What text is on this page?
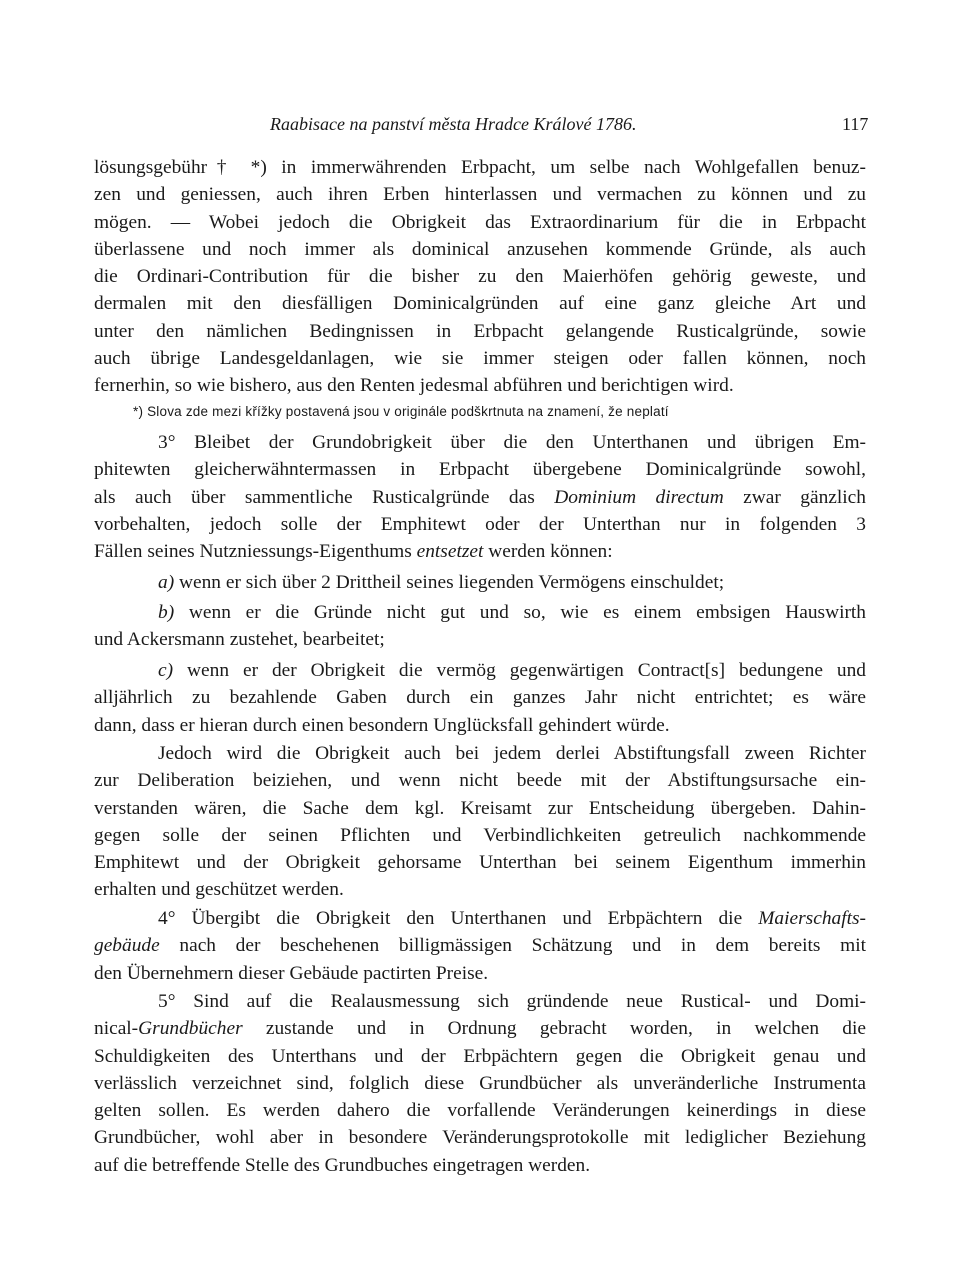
Raabisace na panství města Hradce Králové 1786.	117
lösungsgebühr† *) in immerwährenden Erbpacht, um selbe nach Wohlgefallen benuz-
zen und geniessen, auch ihren Erben hinterlassen und vermachen zu können und zu
mögen. — Wobei jedoch die Obrigkeit das Extraordinarium für die in Erbpacht
überlassene und noch immer als dominical anzusehen kommende Gründe, als auch
die Ordinari-Contribution für die bisher zu den Maierhöfen gehörig geweste, und
dermalen mit den diesfälligen Dominicalgründen auf eine ganz gleiche Art und
unter den nämlichen Bedingnissen in Erbpacht gelangende Rusticalgründe, sowie
auch übrige Landesgeldanlagen, wie sie immer steigen oder fallen können, noch
fernerhin, so wie bishero, aus den Renten jedesmal abführen und berichtigen wird.
*) Slova zde mezi křížky postavená jsou v originále podškrtnuta na znamení, že neplatí
3° Bleibet der Grundobrigkeit über die den Unterthanen und übrigen Em-
phitewten gleicherwähntermassen in Erbpacht übergebene Dominicalgründe sowohl,
als auch über sammentliche Rusticalgründe das Dominium directum zwar gänzlich
vorbehalten, jedoch solle der Emphitewt oder der Unterthan nur in folgenden 3
Fällen seines Nutzniessungs-Eigenthums entsetzet werden können:
a) wenn er sich über 2 Drittheil seines liegenden Vermögens einschuldet;
b) wenn er die Gründe nicht gut und so, wie es einem embsigen Hauswirth
und Ackersmann zustehet, bearbeitet;
c) wenn er der Obrigkeit die vermög gegenwärtigen Contract[s] bedungene und
alljährlich zu bezahlende Gaben durch ein ganzes Jahr nicht entrichtet; es wäre
dann, dass er hieran durch einen besondern Unglücksfall gehindert würde.
Jedoch wird die Obrigkeit auch bei jedem derlei Abstiftungsfall zween Richter
zur Deliberation beiziehen, und wenn nicht beede mit der Abstiftungsursache ein-
verstanden wären, die Sache dem kgl. Kreisamt zur Entscheidung übergeben. Dahin-
gegen solle der seinen Pflichten und Verbindlichkeiten getreulich nachkommende
Emphitewt und der Obrigkeit gehorsame Unterthan bei seinem Eigenthum immerhin
erhalten und geschützet werden.
4° Übergibt die Obrigkeit den Unterthanen und Erbpächtern die Maierschafts-
gebäude nach der beschehenen billigmässigen Schätzung und in dem bereits mit
den Übernehmern dieser Gebäude pactirten Preise.
5° Sind auf die Realausmessung sich gründende neue Rustical- und Domi-
nical-Grundbücher zustande und in Ordnung gebracht worden, in welchen die
Schuldigkeiten des Unterthans und der Erbpächtern gegen die Obrigkeit genau und
verlässlich verzeichnet sind, folglich diese Grundbücher als unveränderliche Instrumenta
gelten sollen. Es werden dahero die vorfallende Veränderungen keinerdings in diese
Grundbücher, wohl aber in besondere Veränderungsprotokolle mit lediglicher Beziehung
auf die betreffende Stelle des Grundbuches eingetragen werden.
